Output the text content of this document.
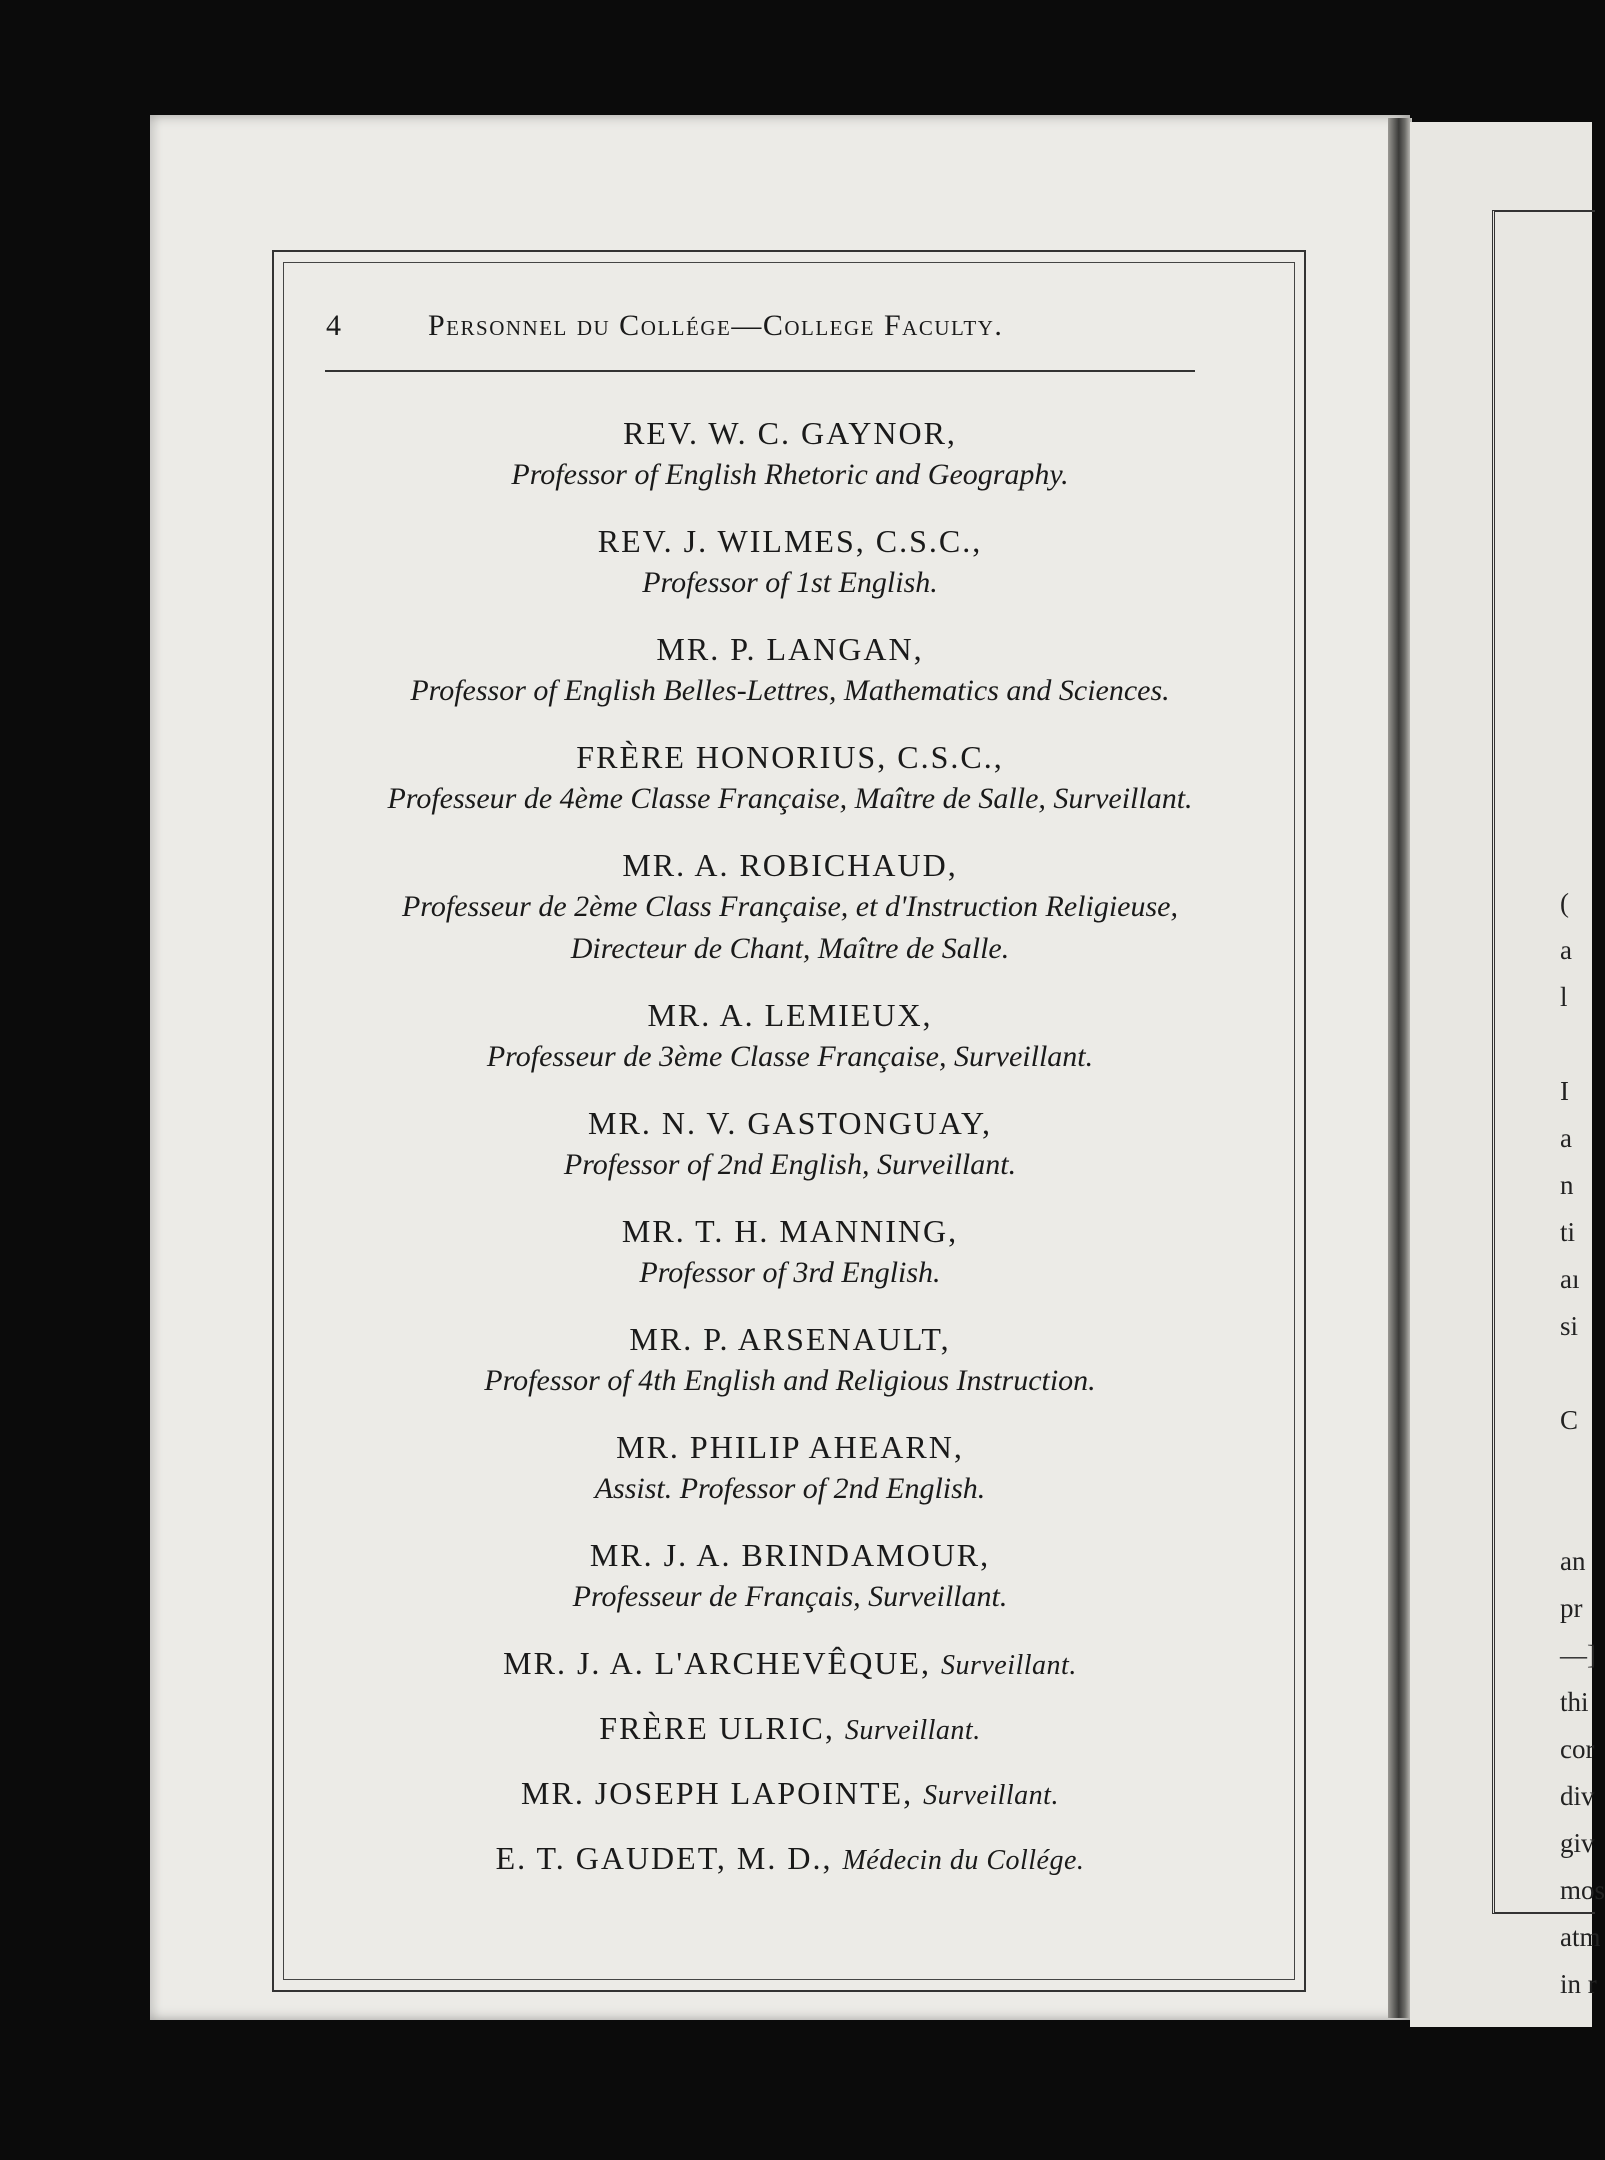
(
a
l
I
a
n
ti
aı
si
C
an
pr
—]
thi
cor
div
giv
mos
atm
in r
4	Personnel du Collége—College Faculty.
REV. W. C. GAYNOR,
Professor of English Rhetoric and Geography.
REV. J. WILMES, C.S.C.,
Professor of 1st English.
MR. P. LANGAN,
Professor of English Belles-Lettres, Mathematics and Sciences.
FRÈRE HONORIUS, C.S.C.,
Professeur de 4ème Classe Française, Maître de Salle, Surveillant.
MR. A. ROBICHAUD,
Professeur de 2ème Class Française, et d'Instruction Religieuse,
Directeur de Chant, Maître de Salle.
MR. A. LEMIEUX,
Professeur de 3ème Classe Française, Surveillant.
MR. N. V. GASTONGUAY,
Professor of 2nd English, Surveillant.
MR. T. H. MANNING,
Professor of 3rd English.
MR. P. ARSENAULT,
Professor of 4th English and Religious Instruction.
MR. PHILIP AHEARN,
Assist. Professor of 2nd English.
MR. J. A. BRINDAMOUR,
Professeur de Français, Surveillant.
MR. J. A. L'ARCHEVÊQUE, Surveillant.
FRÈRE ULRIC, Surveillant.
MR. JOSEPH LAPOINTE, Surveillant.
E. T. GAUDET, M. D., Médecin du Collége.
